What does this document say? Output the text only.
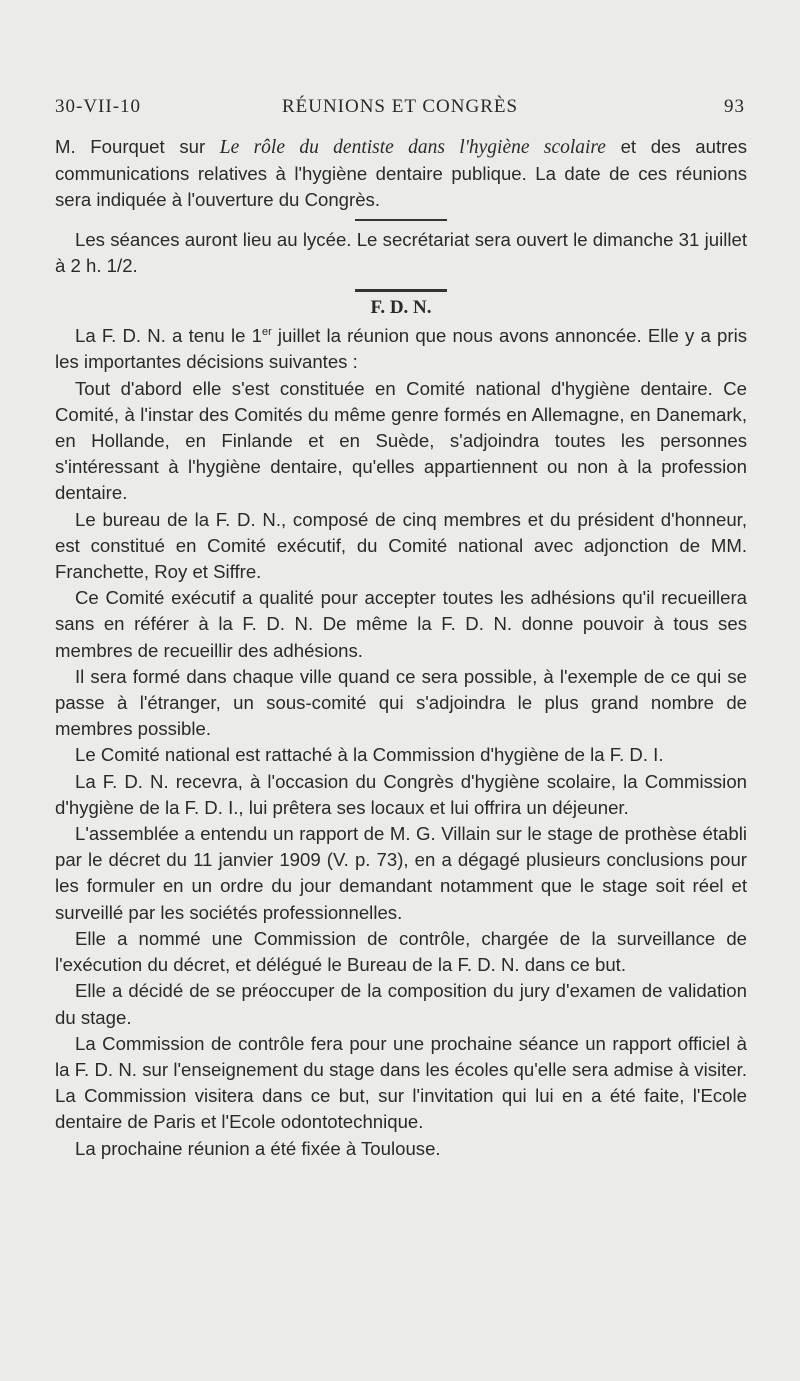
30-VII-10	RÉUNIONS ET CONGRÈS	93

M. Fourquet sur Le rôle du dentiste dans l'hygiène scolaire et des autres communications relatives à l'hygiène dentaire publique. La date de ces réunions sera indiquée à l'ouverture du Congrès.

Les séances auront lieu au lycée. Le secrétariat sera ouvert le dimanche 31 juillet à 2 h. 1/2.

F. D. N.

La F. D. N. a tenu le 1er juillet la réunion que nous avons annoncée. Elle y a pris les importantes décisions suivantes :

Tout d'abord elle s'est constituée en Comité national d'hygiène dentaire. Ce Comité, à l'instar des Comités du même genre formés en Allemagne, en Danemark, en Hollande, en Finlande et en Suède, s'adjoindra toutes les personnes s'intéressant à l'hygiène dentaire, qu'elles appartiennent ou non à la profession dentaire.

Le bureau de la F. D. N., composé de cinq membres et du président d'honneur, est constitué en Comité exécutif, du Comité national avec adjonction de MM. Franchette, Roy et Siffre.

Ce Comité exécutif a qualité pour accepter toutes les adhésions qu'il recueillera sans en référer à la F. D. N. De même la F. D. N. donne pouvoir à tous ses membres de recueillir des adhésions.

Il sera formé dans chaque ville quand ce sera possible, à l'exemple de ce qui se passe à l'étranger, un sous-comité qui s'adjoindra le plus grand nombre de membres possible.

Le Comité national est rattaché à la Commission d'hygiène de la F. D. I.

La F. D. N. recevra, à l'occasion du Congrès d'hygiène scolaire, la Commission d'hygiène de la F. D. I., lui prêtera ses locaux et lui offrira un déjeuner.

L'assemblée a entendu un rapport de M. G. Villain sur le stage de prothèse établi par le décret du 11 janvier 1909 (V. p. 73), en a dégagé plusieurs conclusions pour les formuler en un ordre du jour demandant notamment que le stage soit réel et surveillé par les sociétés professionnelles.

Elle a nommé une Commission de contrôle, chargée de la surveillance de l'exécution du décret, et délégué le Bureau de la F. D. N. dans ce but.

Elle a décidé de se préoccuper de la composition du jury d'examen de validation du stage.

La Commission de contrôle fera pour une prochaine séance un rapport officiel à la F. D. N. sur l'enseignement du stage dans les écoles qu'elle sera admise à visiter. La Commission visitera dans ce but, sur l'invitation qui lui en a été faite, l'Ecole dentaire de Paris et l'Ecole odontotechnique.

La prochaine réunion a été fixée à Toulouse.
